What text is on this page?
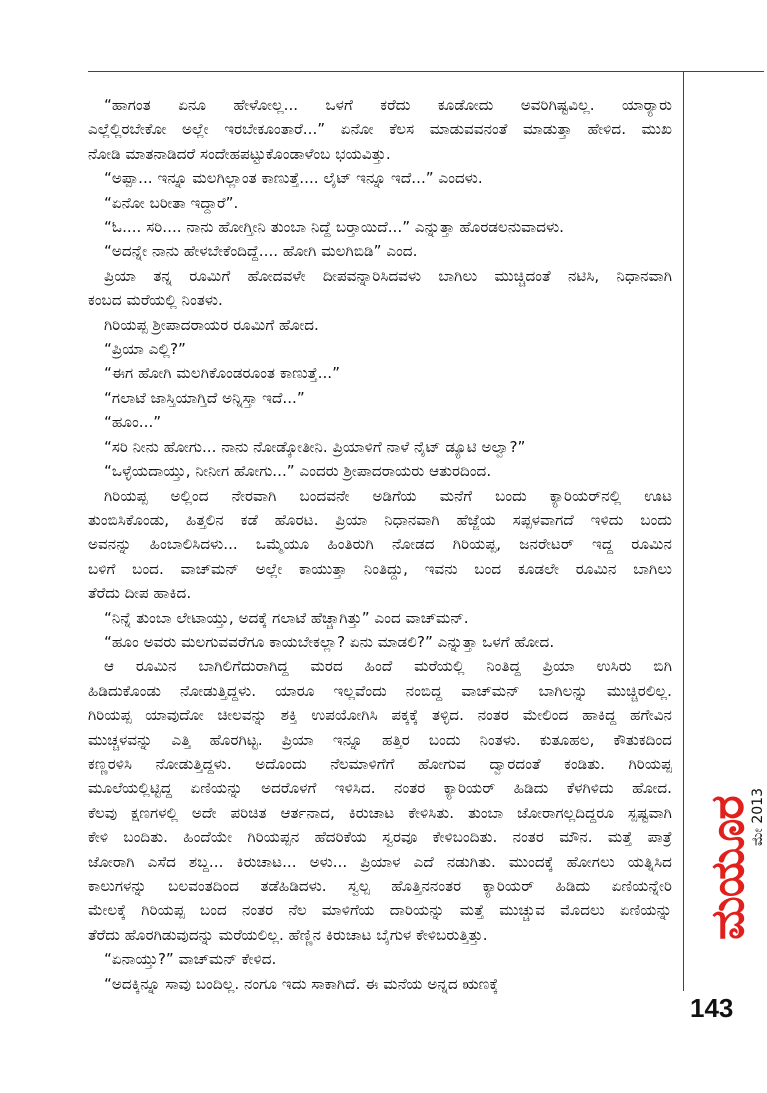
“ಹಾಗಂತ ಏನೂ ಹೇಳೋಲ್ಲ... ಒಳಗೆ ಕರೆದು ಕೂಡೋದು ಅವರಿಗಿಷ್ಟವಿಲ್ಲ. ಯಾರ್‍ಯಾರು
ಎಲ್ಲೆಲ್ಲಿರಬೇಕೋ ಅಲ್ಲೇ ಇರಬೇಕೂಂತಾರೆ...” ಏನೋ ಕೆಲಸ ಮಾಡುವವನಂತೆ ಮಾಡುತ್ತಾ ಹೇಳಿದ. ಮುಖ
ನೋಡಿ ಮಾತನಾಡಿದರೆ ಸಂದೇಹಪಟ್ಟುಕೊಂಡಾಳೆಂಬ ಭಯವಿತ್ತು.
“ಅಪ್ಪಾ... ಇನ್ನೂ ಮಲಗಿಲ್ಲಾಂತ ಕಾಣುತ್ತೆ.... ಲೈಟ್ ಇನ್ನೂ ಇದೆ...” ಎಂದಳು.
“ಏನೋ ಬರೀತಾ ಇದ್ದಾರೆ”.
“ಓ.... ಸರಿ.... ನಾನು ಹೋಗ್ತೀನಿ ತುಂಬಾ ನಿದ್ದೆ ಬರ್‍ತಾಯಿದೆ...” ಎನ್ನುತ್ತಾ ಹೊರಡಲನುವಾದಳು.
“ಅದನ್ನೇ ನಾನು ಹೇಳಬೇಕೆಂದಿದ್ದೆ.... ಹೋಗಿ ಮಲಗಿಬಿಡಿ” ಎಂದ.
ಪ್ರಿಯಾ ತನ್ನ ರೂಮಿಗೆ ಹೋದವಳೇ ದೀಪವನ್ನಾರಿಸಿದವಳು ಬಾಗಿಲು ಮುಚ್ಚಿದಂತೆ ನಟಿಸಿ, ನಿಧಾನವಾಗಿ
ಕಂಬದ ಮರೆಯಲ್ಲಿ ನಿಂತಳು.
ಗಿರಿಯಪ್ಪ ಶ್ರೀಪಾದರಾಯರ ರೂಮಿಗೆ ಹೋದ.
“ಪ್ರಿಯಾ ಎಲ್ಲಿ?”
“ಈಗ ಹೋಗಿ ಮಲಗಿಕೊಂಡರೂಂತ ಕಾಣುತ್ತೆ...”
“ಗಲಾಟೆ ಜಾಸ್ತಿಯಾಗ್ತಿದೆ ಅನ್ನಿಸ್ತಾ ಇದೆ...”
“ಹೂಂ...”
“ಸರಿ ನೀನು ಹೋಗು... ನಾನು ನೋಡ್ಕೋತೀನಿ. ಪ್ರಿಯಾಳಿಗೆ ನಾಳೆ ನೈಟ್ ಡ್ಯೂಟಿ ಅಲ್ವಾ?”
“ಒಳ್ಳೆಯದಾಯ್ತು, ನೀನೀಗ ಹೋಗು...” ಎಂದರು ಶ್ರೀಪಾದರಾಯರು ಆತುರದಿಂದ.
ಗಿರಿಯಪ್ಪ ಅಲ್ಲಿಂದ ನೇರವಾಗಿ ಬಂದವನೇ ಅಡಿಗೆಯ ಮನೆಗೆ ಬಂದು ಕ್ಯಾರಿಯರ್‌ನಲ್ಲಿ ಊಟ
ತುಂಬಿಸಿಕೊಂಡು, ಹಿತ್ತಲಿನ ಕಡೆ ಹೊರಟ. ಪ್ರಿಯಾ ನಿಧಾನವಾಗಿ ಹೆಜ್ಜೆಯ ಸಪ್ಪಳವಾಗದೆ ಇಳಿದು ಬಂದು
ಅವನನ್ನು ಹಿಂಬಾಲಿಸಿದಳು... ಒಮ್ಮೆಯೂ ಹಿಂತಿರುಗಿ ನೋಡದ ಗಿರಿಯಪ್ಪ, ಜನರೇಟರ್ ಇದ್ದ ರೂಮಿನ
ಬಳಿಗೆ ಬಂದ. ವಾಚ್‌ಮನ್ ಅಲ್ಲೇ ಕಾಯುತ್ತಾ ನಿಂತಿದ್ದು, ಇವನು ಬಂದ ಕೂಡಲೇ ರೂಮಿನ ಬಾಗಿಲು
ತೆರೆದು ದೀಪ ಹಾಕಿದ.
“ನಿನ್ನೆ ತುಂಬಾ ಲೇಟಾಯ್ತು, ಅದಕ್ಕೆ ಗಲಾಟೆ ಹೆಚ್ಚಾಗಿತ್ತು” ಎಂದ ವಾಚ್‌ಮನ್.
“ಹೂಂ ಅವರು ಮಲಗುವವರೆಗೂ ಕಾಯಬೇಕಲ್ಲಾ? ಏನು ಮಾಡಲಿ?” ಎನ್ನುತ್ತಾ ಒಳಗೆ ಹೋದ.
ಆ ರೂಮಿನ ಬಾಗಿಲಿಗೆದುರಾಗಿದ್ದ ಮರದ ಹಿಂದೆ ಮರೆಯಲ್ಲಿ ನಿಂತಿದ್ದ ಪ್ರಿಯಾ ಉಸಿರು ಬಿಗಿ
ಹಿಡಿದುಕೊಂಡು ನೋಡುತ್ತಿದ್ದಳು. ಯಾರೂ ಇಲ್ಲವೆಂದು ನಂಬಿದ್ದ ವಾಚ್‌ಮನ್ ಬಾಗಿಲನ್ನು ಮುಚ್ಚಿರಲಿಲ್ಲ.
ಗಿರಿಯಪ್ಪ ಯಾವುದೋ ಚೀಲವನ್ನು ಶಕ್ತಿ ಉಪಯೋಗಿಸಿ ಪಕ್ಕಕ್ಕೆ ತಳ್ಳಿದ. ನಂತರ ಮೇಲಿಂದ ಹಾಕಿದ್ದ ಹಗೇವಿನ
ಮುಚ್ಚಳವನ್ನು ಎತ್ತಿ ಹೊರಗಿಟ್ಟ. ಪ್ರಿಯಾ ಇನ್ನೂ ಹತ್ತಿರ ಬಂದು ನಿಂತಳು. ಕುತೂಹಲ, ಕೌತುಕದಿಂದ
ಕಣ್ಣರಳಿಸಿ ನೋಡುತ್ತಿದ್ದಳು. ಅದೊಂದು ನೆಲಮಾಳಿಗೆಗೆ ಹೋಗುವ ದ್ವಾರದಂತೆ ಕಂಡಿತು. ಗಿರಿಯಪ್ಪ
ಮೂಲೆಯಲ್ಲಿಟ್ಟಿದ್ದ ಏಣಿಯನ್ನು ಅದರೊಳಗೆ ಇಳಿಸಿದ. ನಂತರ ಕ್ಯಾರಿಯರ್ ಹಿಡಿದು ಕೆಳಗಿಳಿದು ಹೋದ.
ಕೆಲವು ಕ್ಷಣಗಳಲ್ಲಿ ಅದೇ ಪರಿಚಿತ ಆರ್ತನಾದ, ಕಿರುಚಾಟ ಕೇಳಿಸಿತು. ತುಂಬಾ ಜೋರಾಗಲ್ಲದಿದ್ದರೂ ಸ್ಪಷ್ಟವಾಗಿ
ಕೇಳಿ ಬಂದಿತು. ಹಿಂದೆಯೇ ಗಿರಿಯಪ್ಪನ ಹೆದರಿಕೆಯ ಸ್ವರವೂ ಕೇಳಿಬಂದಿತು. ನಂತರ ಮೌನ. ಮತ್ತೆ ಪಾತ್ರೆ
ಜೋರಾಗಿ ಎಸೆದ ಶಬ್ದ... ಕಿರುಚಾಟ... ಅಳು... ಪ್ರಿಯಾಳ ಎದೆ ನಡುಗಿತು. ಮುಂದಕ್ಕೆ ಹೋಗಲು ಯತ್ನಿಸಿದ
ಕಾಲುಗಳನ್ನು ಬಲವಂತದಿಂದ ತಡೆಹಿಡಿದಳು. ಸ್ವಲ್ಪ ಹೊತ್ತಿನನಂತರ ಕ್ಯಾರಿಯರ್ ಹಿಡಿದು ಏಣಿಯನ್ನೇರಿ
ಮೇಲಕ್ಕೆ ಗಿರಿಯಪ್ಪ ಬಂದ ನಂತರ ನೆಲ ಮಾಳಿಗೆಯ ದಾರಿಯನ್ನು ಮತ್ತೆ ಮುಚ್ಚುವ ಮೊದಲು ಏಣಿಯನ್ನು
ತೆರೆದು ಹೊರಗಿಡುವುದನ್ನು ಮರೆಯಲಿಲ್ಲ. ಹೆಣ್ಣಿನ ಕಿರುಚಾಟ ಬೈಗುಳ ಕೇಳಿಬರುತ್ತಿತ್ತು.
“ಏನಾಯ್ತು?” ವಾಚ್‌ಮನ್ ಕೇಳಿದ.
“ಅದಕ್ಕಿನ್ನೂ ಸಾವು ಬಂದಿಲ್ಲ. ನಂಗೂ ಇದು ಸಾಕಾಗಿದೆ. ಈ ಮನೆಯ ಅನ್ನದ ಋಣಕ್ಕೆ
ಮಯೂರ
ಮೇ 2013
143
